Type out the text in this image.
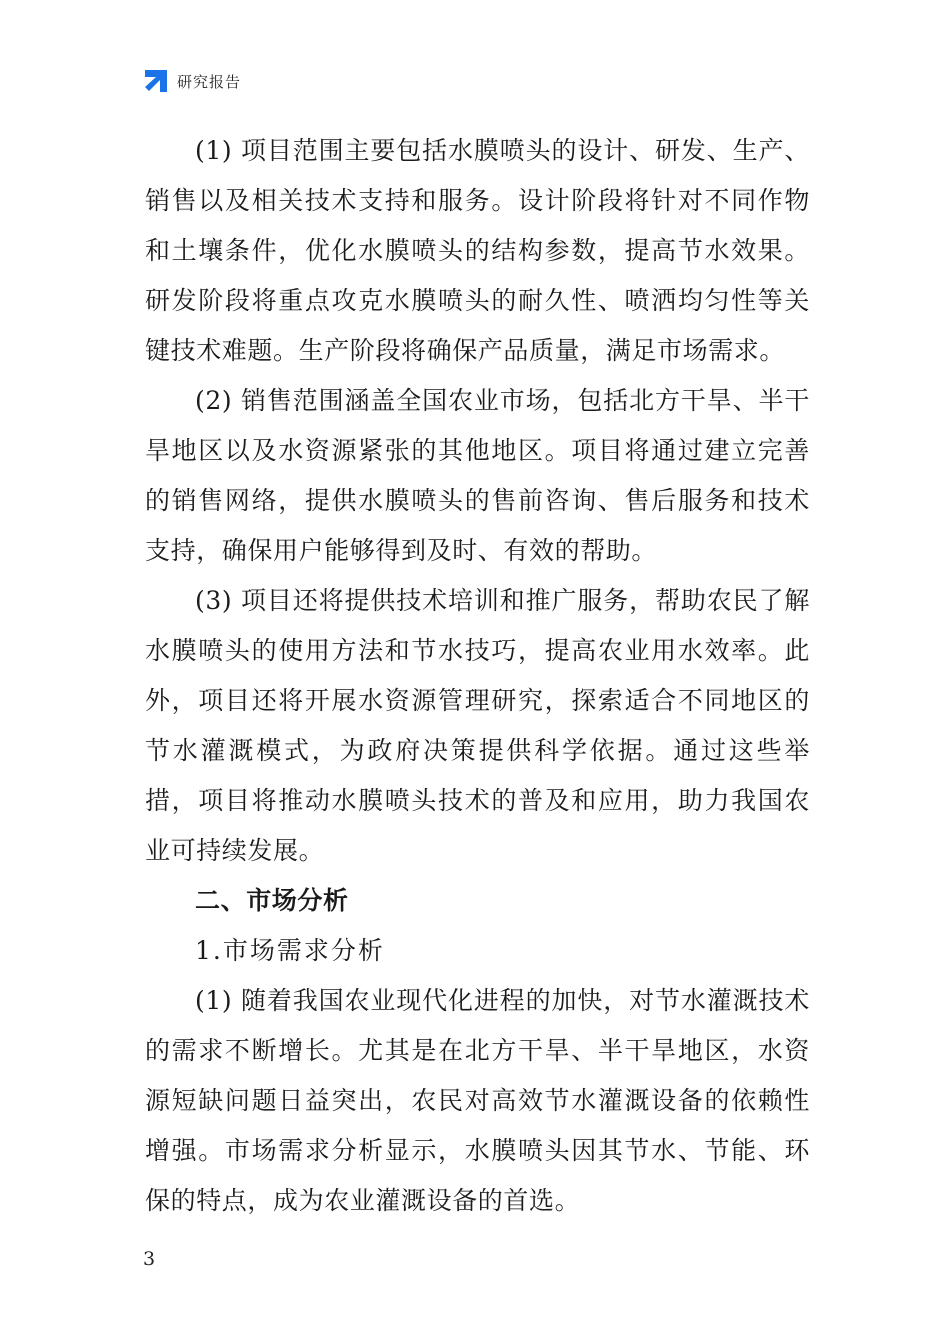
研究报告

(1) 项目范围主要包括水膜喷头的设计、研发、生产、销售以及相关技术支持和服务。设计阶段将针对不同作物和土壤条件，优化水膜喷头的结构参数，提高节水效果。研发阶段将重点攻克水膜喷头的耐久性、喷洒均匀性等关键技术难题。生产阶段将确保产品质量，满足市场需求。

(2) 销售范围涵盖全国农业市场，包括北方干旱、半干旱地区以及水资源紧张的其他地区。项目将通过建立完善的销售网络，提供水膜喷头的售前咨询、售后服务和技术支持，确保用户能够得到及时、有效的帮助。

(3) 项目还将提供技术培训和推广服务，帮助农民了解水膜喷头的使用方法和节水技巧，提高农业用水效率。此外，项目还将开展水资源管理研究，探索适合不同地区的节水灌溉模式，为政府决策提供科学依据。通过这些举措，项目将推动水膜喷头技术的普及和应用，助力我国农业可持续发展。

二、市场分析

1.市场需求分析

(1) 随着我国农业现代化进程的加快，对节水灌溉技术的需求不断增长。尤其是在北方干旱、半干旱地区，水资源短缺问题日益突出，农民对高效节水灌溉设备的依赖性增强。市场需求分析显示，水膜喷头因其节水、节能、环保的特点，成为农业灌溉设备的首选。

3
